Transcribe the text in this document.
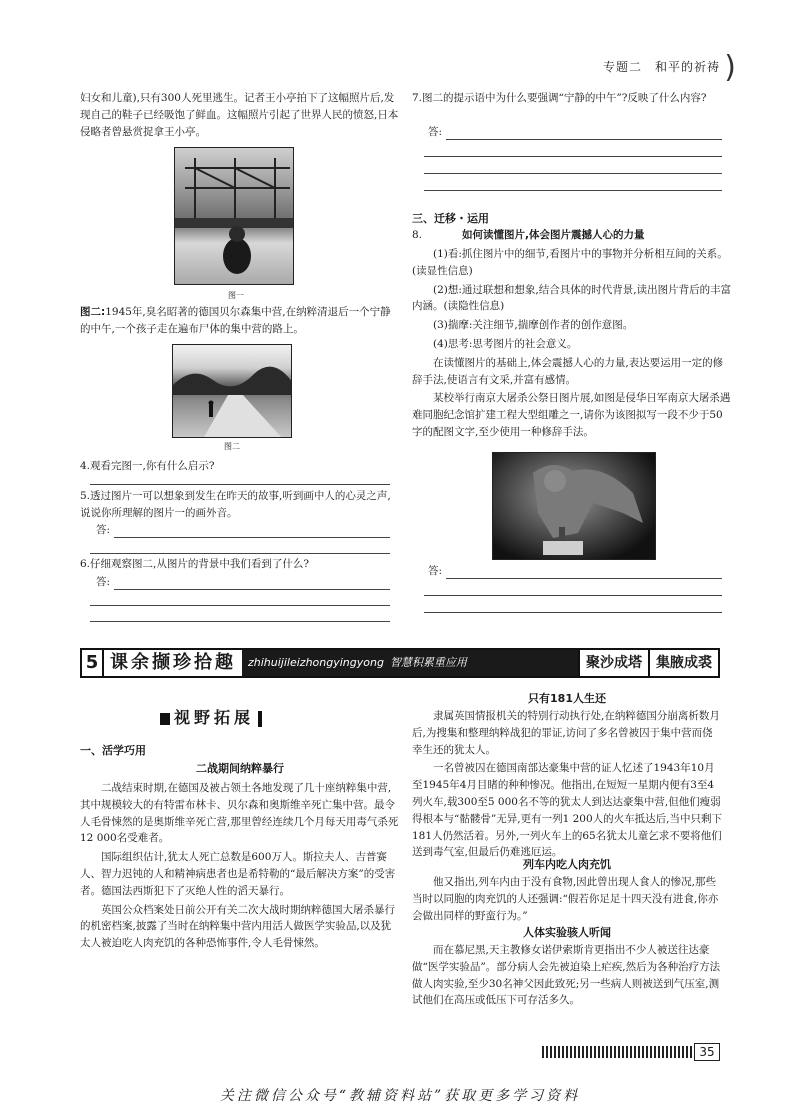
专题二　和平的祈祷 )

妇女和儿童),只有300人死里逃生。记者王小亭拍下了这幅照片后,发现自己的鞋子已经吸饱了鲜血。这幅照片引起了世界人民的愤怒,日本侵略者曾悬赏捉拿王小亭。

图一

图二:1945年,臭名昭著的德国贝尔森集中营,在纳粹清退后一个宁静的中午,一个孩子走在遍布尸体的集中营的路上。

图二

4.观看完图一,你有什么启示?

5.透过图片一可以想象到发生在昨天的故事,听到画中人的心灵之声,说说你所理解的图片一的画外音。

答:

6.仔细观察图二,从图片的背景中我们看到了什么?

答:

7.图二的提示语中为什么要强调“宁静的中午”?反映了什么内容?

答:
三、迁移・运用
8.	如何读懂图片,体会图片震撼人心的力量

(1)看:抓住图片中的细节,看图片中的事物并分析相互间的关系。(读显性信息)

(2)想:通过联想和想象,结合具体的时代背景,读出图片背后的丰富内涵。(读隐性信息)

(3)揣摩:关注细节,揣摩创作者的创作意图。

(4)思考:思考图片的社会意义。

在读懂图片的基础上,体会震撼人心的力量,表达要运用一定的修辞手法,使语言有文采,并富有感情。

某校举行南京大屠杀公祭日图片展,如图是侵华日军南京大屠杀遇难同胞纪念馆扩建工程大型组雕之一,请你为该图拟写一段不少于50字的配图文字,至少使用一种修辞手法。

答:
5 课余撷珍拾趣	zhihuijileizhongyingyong 智慧积累重应用	聚沙成塔	集腋成裘
视野拓展
一、活学巧用
二战期间纳粹暴行

二战结束时期,在德国及被占领土各地发现了几十座纳粹集中营,其中规模较大的有特雷布林卡、贝尔森和奥斯维辛死亡集中营。最令人毛骨悚然的是奥斯维辛死亡营,那里曾经连续几个月每天用毒气杀死12 000名受难者。

国际组织估计,犹太人死亡总数是600万人。斯拉夫人、吉普赛人、智力迟钝的人和精神病患者也是希特勒的“最后解决方案”的受害者。德国法西斯犯下了灭绝人性的滔天暴行。

英国公众档案处日前公开有关二次大战时期纳粹德国大屠杀暴行的机密档案,披露了当时在纳粹集中营内用活人做医学实验品,以及犹太人被迫吃人肉充饥的各种恐怖事件,令人毛骨悚然。

只有181人生还

隶属英国情报机关的特别行动执行处,在纳粹德国分崩离析数月后,为搜集和整理纳粹战犯的罪证,访问了多名曾被囚于集中营而侥幸生还的犹太人。

一名曾被囚在德国南部达豪集中营的证人忆述了1943年10月至1945年4月目睹的种种惨况。他指出,在短短一星期内便有3至4列火车,载300至5 000名不等的犹太人到达达豪集中营,但他们瘦弱得根本与“骷髅骨”无异,更有一列1 200人的火车抵达后,当中只剩下181人仍然活着。另外,一列火车上的65名犹太儿童乞求不要将他们送到毒气室,但最后仍难逃厄运。

列车内吃人肉充饥

他又指出,列车内由于没有食物,因此曾出现人食人的惨况,那些当时以同胞的肉充饥的人还强调:“假若你足足十四天没有进食,你亦会做出同样的野蛮行为。”

人体实验骇人听闻

而在慕尼黑,天主教修女诺伊索斯肯更指出不少人被送往达豪做“医学实验品”。部分病人会先被迫染上疟疾,然后为各种治疗方法做人肉实验,至少30名神父因此致死;另一些病人则被送到气压室,测试他们在高压或低压下可存活多久。

35
关注微信公众号“教辅资料站”获取更多学习资料
